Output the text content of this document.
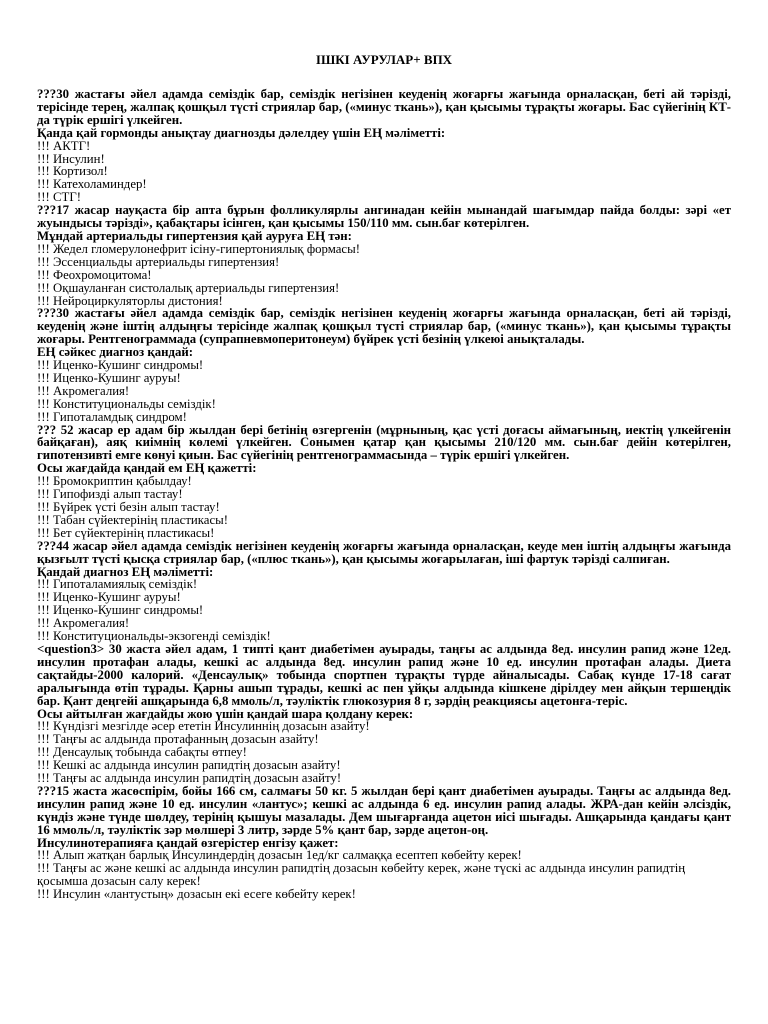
ІШКІ АУРУЛАР+ ВПХ
???30 жастағы әйел адамда семіздік бар, семіздік негізінен кеуденің жоғарғы жағында орналасқан, беті ай тәрізді, терісінде терең, жалпақ қошқыл түсті стриялар бар, («минус ткань»), қан қысымы тұрақты жоғары. Бас сүйегінің КТ-да түрік ершігі үлкейген.
Қанда қай гормонды анықтау диагнозды дәлелдеу үшін ЕҢ мәліметті:
!!! АКТГ!
!!! Инсулин!
!!! Кортизол!
!!! Катехоламиндер!
!!! СТГ!
???17 жасар науқаста бір апта бұрын фолликулярлы ангинадан кейін мынандай шағымдар пайда болды: зәрі «ет жуындысы тәрізді», қабақтары ісінген, қан қысымы 150/110 мм. сын.бағ көтерілген.
Мұндай артериальды гипертензия қай ауруға ЕҢ тән:
!!! Жедел гломерулонефрит ісіну-гипертониялық формасы!
!!! Эссенциальды артериальды гипертензия!
!!! Феохромоцитома!
!!! Оқшауланған систолалық артериальды гипертензия!
!!! Нейроциркуляторлы дистония!
???30 жастағы әйел адамда семіздік бар, семіздік негізінен кеуденің жоғарғы жағында орналасқан, беті ай тәрізді, кеуденің және іштің алдыңғы терісінде жалпақ қошқыл түсті стриялар бар, («минус ткань»), қан қысымы тұрақты жоғары. Рентгенограммада (супрапневмоперитонеум) бүйрек үсті безінің үлкеюі анықталады.
ЕҢ сәйкес диагноз қандай:
!!! Иценко-Кушинг синдромы!
!!! Иценко-Кушинг ауруы!
!!! Акромегалия!
!!! Конституциональды семіздік!
!!! Гипоталамдық синдром!
??? 52 жасар ер адам бір жылдан бері бетінің өзгергенін (мұрнының, қас үсті доғасы аймағының, иектің үлкейгенін байқаған), аяқ киімнің көлемі үлкейген. Сонымен қатар қан қысымы 210/120 мм. сын.бағ дейін көтерілген, гипотензивті емге көнуі қиын. Бас сүйегінің рентгенограммасында – түрік ершігі үлкейген.
Осы жағдайда қандай ем ЕҢ қажетті:
!!! Бромокриптин қабылдау!
!!! Гипофизді алып тастау!
!!! Бүйрек үсті безін алып тастау!
!!! Табан сүйектерінің пластикасы!
!!! Бет сүйектерінің пластикасы!
???44 жасар әйел адамда семіздік негізінен кеуденің жоғарғы жағында орналасқан, кеуде мен іштің алдыңғы жағында қызғылт түсті қысқа стриялар бар, («плюс ткань»), қан қысымы жоғарылаған, іші фартук тәрізді салпиған.
Қандай диагноз ЕҢ мәліметті:
!!! Гипоталамиялық семіздік!
!!! Иценко-Кушинг ауруы!
!!! Иценко-Кушинг синдромы!
!!! Акромегалия!
!!! Конституциональды-экзогенді семіздік!
<question3> 30 жаста әйел адам, 1 типті қант диабетімен ауырады, таңғы ас алдында 8ед. инсулин рапид және 12ед. инсулин протафан алады, кешкі ас алдында 8ед. инсулин рапид және 10 ед. инсулин протафан алады. Диета сақтайды-2000 калорий. «Денсаулық» тобында спортпен тұрақты түрде айналысады. Сабақ күнде 17-18 сағат аралығында өтіп тұрады. Қарны ашып тұрады, кешкі ас пен ұйқы алдында кішкене дірілдеу мен айқын тершеңдік бар. Қант деңгейі ашқарында 6,8 ммоль/л, тәуліктік глюкозурия 8 г, зәрдің реакциясы ацетонға-теріс.
Осы айтылған жағдайды жою үшін қандай шара қолдану керек:
!!! Күндізгі мезгілде әсер ететін Инсулиннің дозасын азайту!
!!! Таңғы ас алдында протафанның дозасын азайту!
!!! Денсаулық тобында сабақты өтпеу!
!!! Кешкі ас алдында инсулин рапидтің дозасын азайту!
!!! Таңғы ас алдында инсулин рапидтің дозасын азайту!
???15 жаста жасөспірім, бойы 166 см, салмағы 50 кг. 5 жылдан бері қант диабетімен ауырады. Таңғы ас алдында 8ед. инсулин рапид және 10 ед. инсулин «лантус»; кешкі ас алдында 6 ед. инсулин рапид алады. ЖРА-дан кейін әлсіздік, күндіз және түнде шөлдеу, терінің қышуы мазалады. Дем шығарғанда ацетон иісі шығады. Ашқарында қандағы қант 16 ммоль/л, тәуліктік зәр мөлшері 3 литр, зәрде 5% қант бар, зәрде ацетон-оң.
Инсулинотерапияға қандай өзгерістер енгізу қажет:
!!! Алып жатқан барлық Инсулиндердің дозасын 1ед/кг салмаққа есептеп көбейту керек!
!!! Таңғы ас және кешкі ас алдында инсулин рапидтің дозасын көбейту керек, және түскі ас алдында инсулин рапидтің қосымша дозасын салу керек!
!!! Инсулин «лантустың» дозасын екі есеге көбейту керек!
